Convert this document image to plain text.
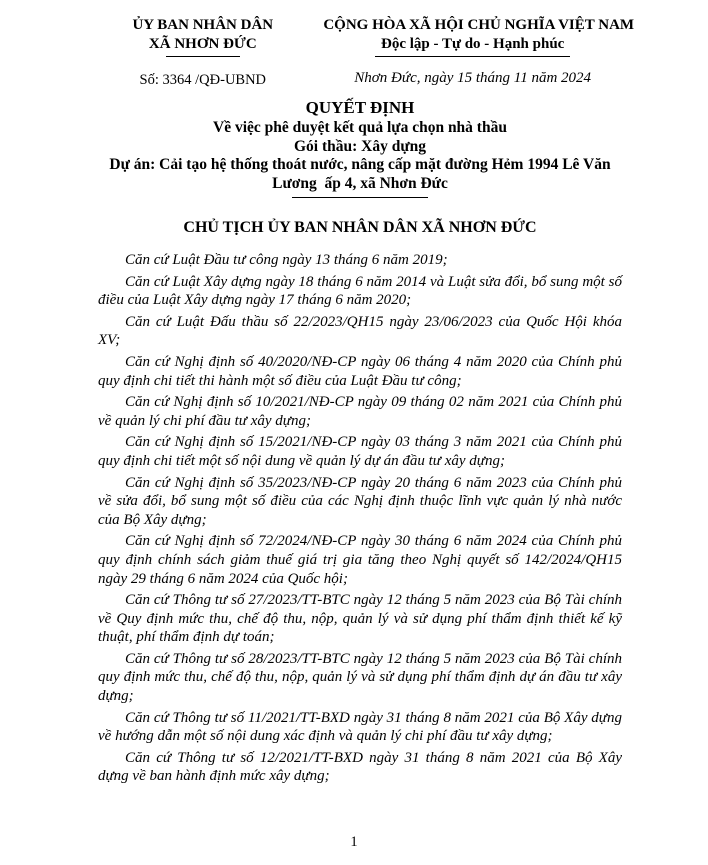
ỦY BAN NHÂN DÂN
XÃ NHƠN ĐỨC
Số: 3364 /QĐ-UBND
CỘNG HÒA XÃ HỘI CHỦ NGHĨA VIỆT NAM
Độc lập - Tự do - Hạnh phúc
Nhơn Đức, ngày 15 tháng 11 năm 2024
QUYẾT ĐỊNH
Về việc phê duyệt kết quả lựa chọn nhà thầu
Gói thầu: Xây dựng
Dự án: Cải tạo hệ thống thoát nước, nâng cấp mặt đường Hẻm 1994 Lê Văn
Lương  ấp 4, xã Nhơn Đức
CHỦ TỊCH ỦY BAN NHÂN DÂN XÃ NHƠN ĐỨC

Căn cứ Luật Đầu tư công ngày 13 tháng 6 năm 2019;

Căn cứ Luật Xây dựng ngày 18 tháng 6 năm 2014 và Luật sửa đổi, bổ sung một số điều của Luật Xây dựng ngày 17 tháng 6 năm 2020;

Căn cứ Luật Đấu thầu số 22/2023/QH15 ngày 23/06/2023 của Quốc Hội khóa XV;

Căn cứ Nghị định số 40/2020/NĐ-CP ngày 06 tháng 4 năm 2020 của Chính phủ quy định chi tiết thi hành một số điều của Luật Đầu tư công;

Căn cứ Nghị định số 10/2021/NĐ-CP ngày 09 tháng 02 năm 2021 của Chính phủ về quản lý chi phí đầu tư xây dựng;

Căn cứ Nghị định số 15/2021/NĐ-CP ngày 03 tháng 3 năm 2021 của Chính phủ quy định chi tiết một số nội dung về quản lý dự án đầu tư xây dựng;

Căn cứ Nghị định số 35/2023/NĐ-CP ngày 20 tháng 6 năm 2023 của Chính phủ về sửa đổi, bổ sung một số điều của các Nghị định thuộc lĩnh vực quản lý nhà nước của Bộ Xây dựng;

Căn cứ Nghị định số 72/2024/NĐ-CP ngày 30 tháng 6 năm 2024 của Chính phủ quy định chính sách giảm thuế giá trị gia tăng theo Nghị quyết số 142/2024/QH15 ngày 29 tháng 6 năm 2024 của Quốc hội;

Căn cứ Thông tư số 27/2023/TT-BTC ngày 12 tháng 5 năm 2023 của Bộ Tài chính về Quy định mức thu, chế độ thu, nộp, quản lý và sử dụng phí thẩm định thiết kế kỹ thuật, phí thẩm định dự toán;

Căn cứ Thông tư số 28/2023/TT-BTC ngày 12 tháng 5 năm 2023 của Bộ Tài chính quy định mức thu, chế độ thu, nộp, quản lý và sử dụng phí thẩm định dự án đầu tư xây dựng;

Căn cứ Thông tư số 11/2021/TT-BXD ngày 31 tháng 8 năm 2021 của Bộ Xây dựng về hướng dẫn một số nội dung xác định và quản lý chi phí đầu tư xây dựng;

Căn cứ Thông tư số 12/2021/TT-BXD ngày 31 tháng 8 năm 2021 của Bộ Xây dựng về ban hành định mức xây dựng;

1
